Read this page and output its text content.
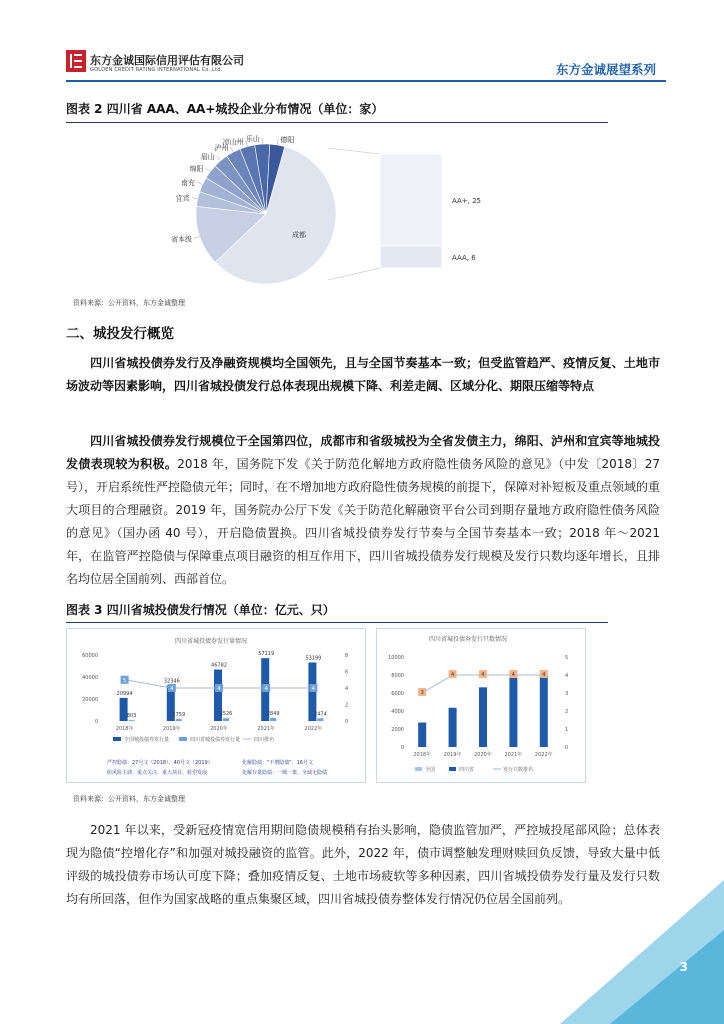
东方金诚国际信用评估有限公司
GOLDEN CREDIT RATING INTERNATIONAL Co.,Ltd.	东方金诚展望系列
图表 2 四川省 AAA、AA+城投企业分布情况（单位：家）
成都
省本级
宜宾
南充
绵阳
眉山
泸州
凉山州 乐山	德阳
AA+, 25
AAA, 6
资料来源：公开资料，东方金诚整理
二、城投发行概览
四川省城投债券发行及净融资规模均全国领先，且与全国节奏基本一致；但受监管趋严、疫情反复、土地市场波动等因素影响，四川省城投债发行总体表现出规模下降、利差走阔、区域分化、期限压缩等特点
四川省城投债券发行规模位于全国第四位，成都市和省级城投为全省发债主力，绵阳、泸州和宜宾等地城投发债表现较为积极。2018 年，国务院下发《关于防范化解地方政府隐性债务风险的意见》（中发〔2018〕27 号），开启系统性严控隐债元年；同时，在不增加地方政府隐性债务规模的前提下，保障对补短板及重点领域的重大项目的合理融资。2019 年，国务院办公厅下发《关于防范化解融资平台公司到期存量地方政府隐性债务风险的意见》（国办函 40 号），开启隐债置换。四川省城投债券发行节奏与全国节奏基本一致；2018 年～2021 年，在监管严控隐债与保障重点项目融资的相互作用下，四川省城投债券发行规模及发行只数均逐年增长，且排名均位居全国前列、西部首位。
图表 3 四川省城投债发行情况（单位：亿元、只）
四川省城投债券发行量情况
0
20000
40000
60000
0
2
4
6
8
20994
803
2018年
32346
1759
2019年
46782
2526
2020年
57119
2849
2021年
53199
2474
2022年
5
4	4	4	4
全国城投债券发行量	四川省城投债券发行量	四川排名
严控隐债：27号文（2018）、40号文（2019）
防风险主调：重点关注、重大项目、转型发展
化解隐债："不增隐债"、16号文
化解存量隐债：一城一策、全域无隐债
四川省城投债券发行只数情况
0
2000
4000
6000
8000
10000
0
1
2
3
4
5
2018年	2019年	2020年	2021年	2022年
3
4	4	4	4
全国	四川省	发行只数排名
资料来源：公开资料，东方金诚整理
2021 年以来，受新冠疫情宽信用期间隐债规模稍有抬头影响，隐债监管加严，严控城投尾部风险；总体表现为隐债“控增化存”和加强对城投融资的监管。此外，2022 年，债市调整触发理财赎回负反馈，导致大量中低评级的城投债券市场认可度下降；叠加疫情反复、土地市场疲软等多种因素，四川省城投债券发行量及发行只数均有所回落，但作为国家战略的重点集聚区域，四川省城投债券整体发行情况仍位居全国前列。
3
